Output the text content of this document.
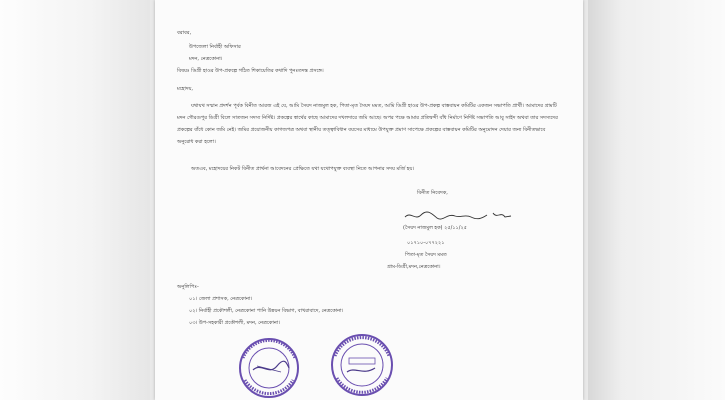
বরাবর,
উপজেলা নির্বাহী অফিসার
মদন, নেত্রকোনা।
বিষয়ঃ ডিগ্রী হাওর উপ-প্রকল্পে গঠিত শিকায়েতির কথাদি পুনঃতদন্ত প্রসঙ্গে।
মহোদয়,
যথাযথ সম্মান প্রদর্শন পূর্বক বিনীত আরজ এই যে, আমি সৈয়দ নাজমুল হক, পিতা-মৃত সৈয়দ মমত, আমি ডিগ্রী হাওর উপ-প্রকল্প বাস্তবায়ন কমিটির একজন সভাপতি প্রার্থী। আমাদের গ্রামটি মদন গৌরগুপুর ডিগ্রী বিলে সাতজন সদস্য নির্দিষ্ট। প্রকল্পের স্বার্থের কাছে আমাদের দখলদারে জমি আছে। অপর পক্ষে আমার প্রতিদ্বন্দী বাঁধ নির্মাণে নির্দিষ্ট সভাপতি আবু সাইদ অথবা তার সদস্যদের প্রকল্পের বাঁধে কোন জমি নেই। জমির প্রয়োজনীয় কাগজপত্র অথবা স্থানীয় তত্ত্বাবিধান বয়সের মাধ্যমে উপযুক্ত প্রমাণ সাপেক্ষে প্রকল্পের বাস্তবায়ন কমিটির অনুমোদন দেয়ার জন্য বিনীতভাবে অনুরোধ করা হলো।
অতএব, মহোদয়ের নিকট বিনীত প্রার্থনা আবেদনের প্রেক্ষিতে যথা যথোপযুক্ত ব্যবস্থা নিতে আপনার সদয় মর্জি হয়।
বিনীত নিবেদক,
(সৈয়দ নাজমুল হক) ২৫/১১/২৫
০১৭১০-০৭৭২২১
পিতা-মৃত সৈয়দ মমত
গ্রাম-ডিগ্রী,মদন,নেত্রকোনা।
অনুলিপিঃ-
০১। জেলা প্রশাসক, নেত্রকোনা।
০২। নির্বাহী প্রকৌশলী, নেত্রকোনা পানি উন্নয়ন বিভাগ, বাখরাবাদে, নেত্রকোনা।
০৩। উপ-সহকারী প্রকৌশলী, মদন, নেত্রকোনা।
